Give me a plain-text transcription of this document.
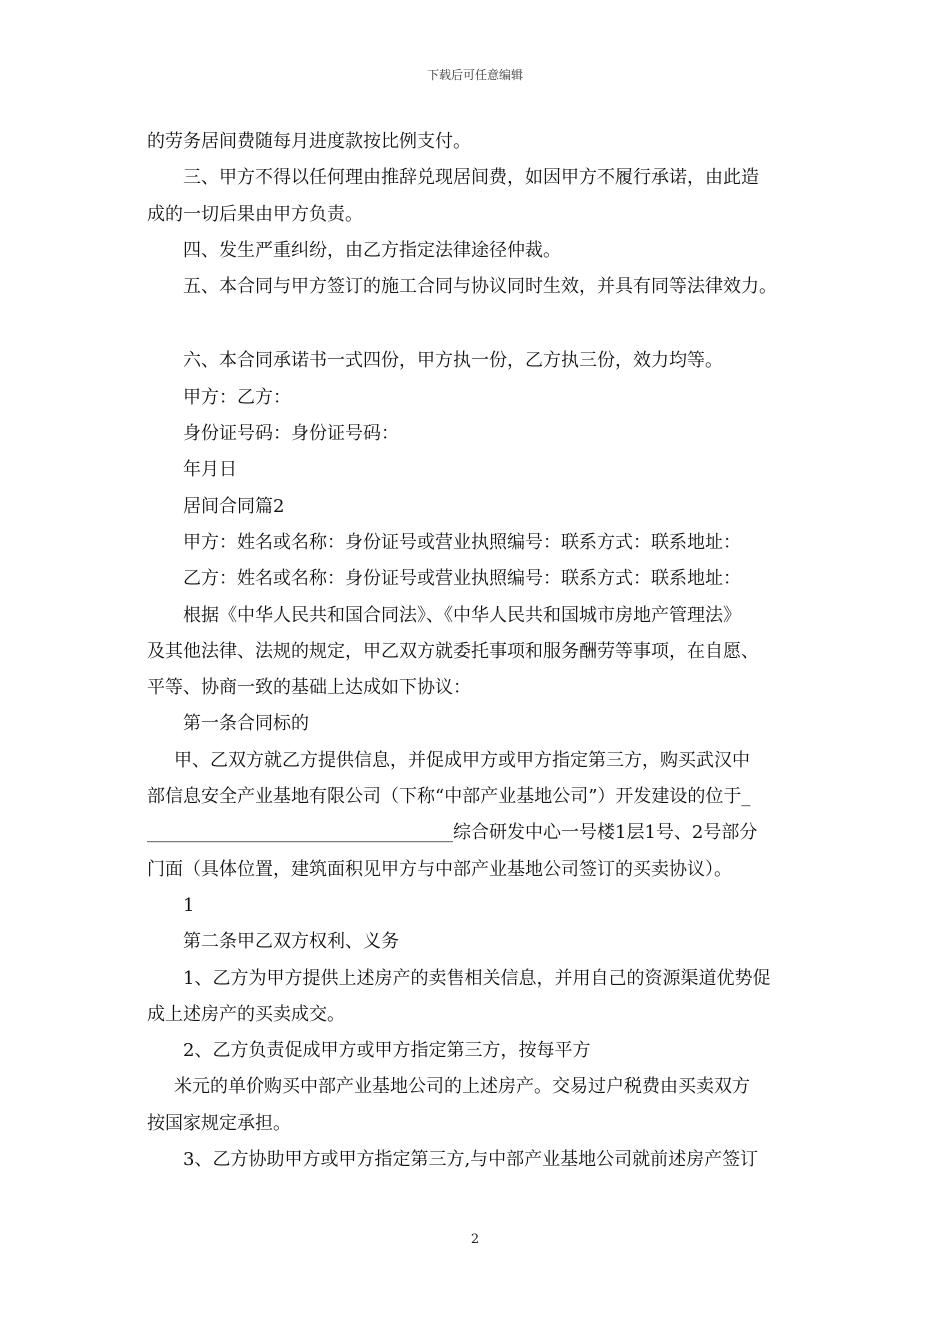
下载后可任意编辑
的劳务居间费随每月进度款按比例支付。
三、甲方不得以任何理由推辞兑现居间费，如因甲方不履行承诺，由此造
成的一切后果由甲方负责。
四、发生严重纠纷，由乙方指定法律途径仲裁。
五、本合同与甲方签订的施工合同与协议同时生效，并具有同等法律效力。
六、本合同承诺书一式四份，甲方执一份，乙方执三份，效力均等。
甲方：乙方：
身份证号码：身份证号码：
年月日
居间合同篇2
甲方：姓名或名称：身份证号或营业执照编号：联系方式：联系地址：
乙方：姓名或名称：身份证号或营业执照编号：联系方式：联系地址：
根据《中华人民共和国合同法》、《中华人民共和国城市房地产管理法》
及其他法律、法规的规定，甲乙双方就委托事项和服务酬劳等事项，在自愿、
平等、协商一致的基础上达成如下协议：
第一条合同标的
甲、乙双方就乙方提供信息，并促成甲方或甲方指定第三方，购买武汉中
部信息安全产业基地有限公司（下称“中部产业基地公司”）开发建设的位于_
__________________________________综合研发中心一号楼1层1号、2号部分
门面（具体位置，建筑面积见甲方与中部产业基地公司签订的买卖协议）。
1
第二条甲乙双方权利、义务
1、乙方为甲方提供上述房产的卖售相关信息，并用自己的资源渠道优势促
成上述房产的买卖成交。
2、乙方负责促成甲方或甲方指定第三方，按每平方
米元的单价购买中部产业基地公司的上述房产。交易过户税费由买卖双方
按国家规定承担。
3、乙方协助甲方或甲方指定第三方,与中部产业基地公司就前述房产签订
2
